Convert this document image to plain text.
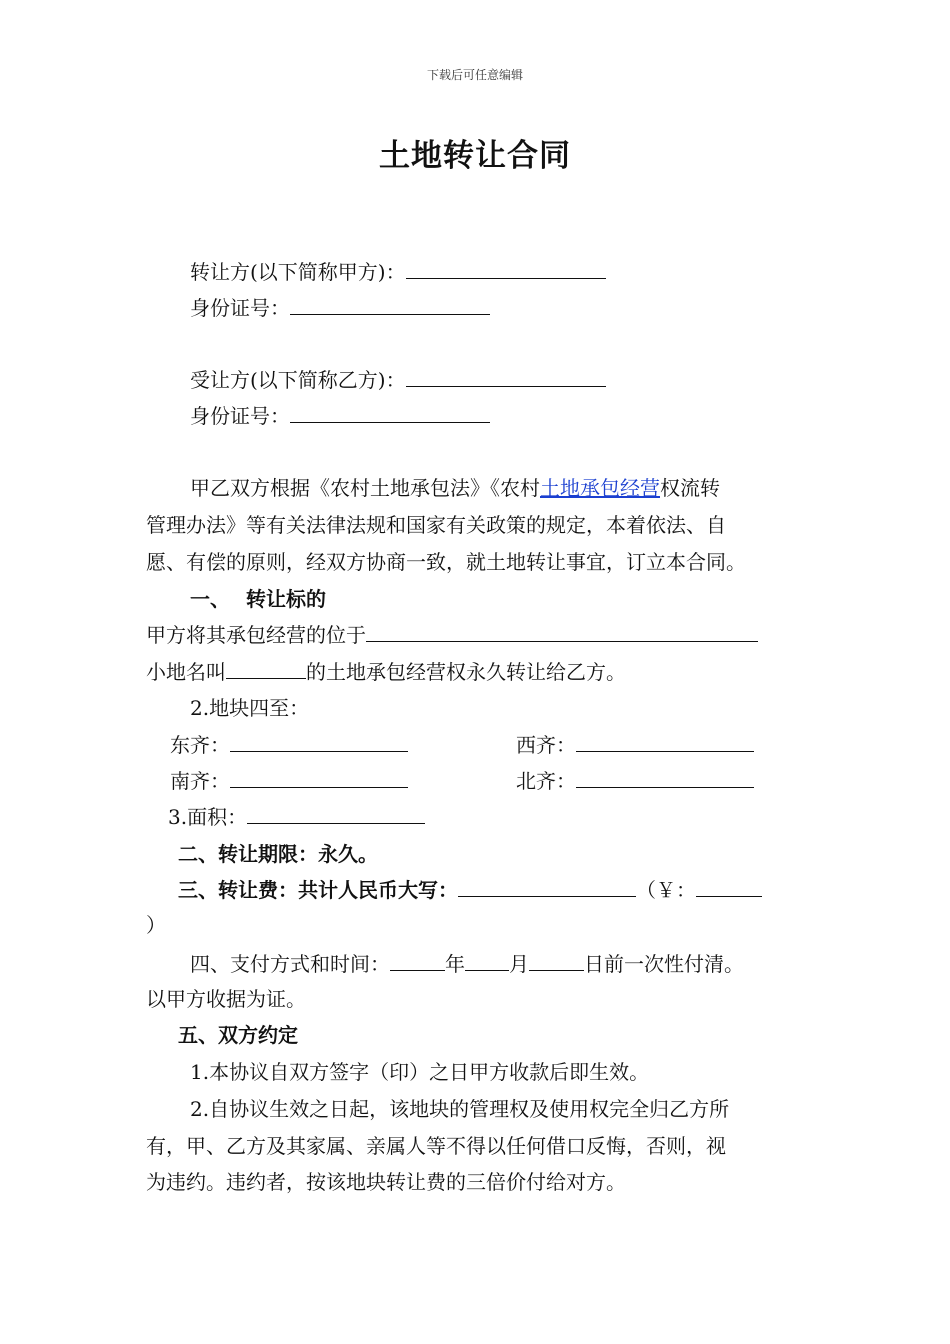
下载后可任意编辑
土地转让合同
转让方(以下简称甲方)：
身份证号：
受让方(以下简称乙方)：
身份证号：
甲乙双方根据《农村土地承包法》《农村土地承包经营权流转
管理办法》等有关法律法规和国家有关政策的规定，本着依法、自
愿、有偿的原则，经双方协商一致，就土地转让事宜，订立本合同。
一、 转让标的
甲方将其承包经营的位于
小地名叫	的土地承包经营权永久转让给乙方。
2.地块四至：
东齐：	西齐：
南齐：	北齐：
3.面积：
二、转让期限：永久。
三、转让费：共计人民币大写：	（￥：
）
四、支付方式和时间：	年 月	日前一次性付清。
以甲方收据为证。
五、双方约定
1.本协议自双方签字（印）之日甲方收款后即生效。
2.自协议生效之日起，该地块的管理权及使用权完全归乙方所
有，甲、乙方及其家属、亲属人等不得以任何借口反悔，否则，视
为违约。违约者，按该地块转让费的三倍价付给对方。
